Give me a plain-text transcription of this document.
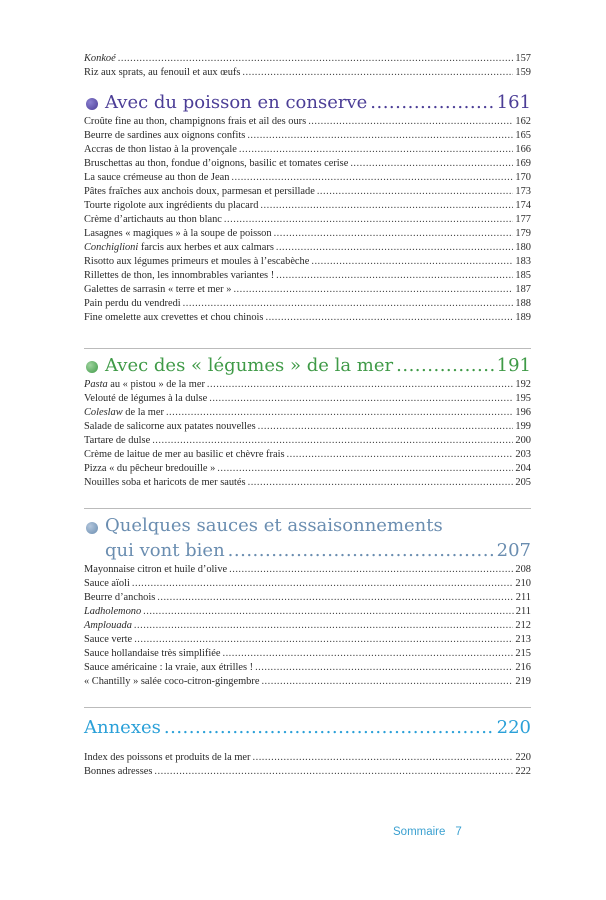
Konkoé .....	157
Riz aux sprats, au fenouil et aux œufs .....	159
Avec du poisson en conserve .....	161
Croûte fine au thon, champignons frais et ail des ours .....	162
Beurre de sardines aux oignons confits .....	165
Accras de thon listao à la provençale .....	166
Bruschettas au thon, fondue d’oignons, basilic et tomates cerise .....	169
La sauce crémeuse au thon de Jean .....	170
Pâtes fraîches aux anchois doux, parmesan et persillade .....	173
Tourte rigolote aux ingrédients du placard .....	174
Crème d’artichauts au thon blanc .....	177
Lasagnes « magiques » à la soupe de poisson .....	179
Conchiglioni farcis aux herbes et aux calmars .....	180
Risotto aux légumes primeurs et moules à l’escabèche .....	183
Rillettes de thon, les innombrables variantes ! .....	185
Galettes de sarrasin « terre et mer » .....	187
Pain perdu du vendredi .....	188
Fine omelette aux crevettes et chou chinois .....	189
Avec des « légumes » de la mer .....	191
Pasta au « pistou » de la mer .....	192
Velouté de légumes à la dulse .....	195
Coleslaw de la mer .....	196
Salade de salicorne aux patates nouvelles .....	199
Tartare de dulse .....	200
Crème de laitue de mer au basilic et chèvre frais .....	203
Pizza « du pêcheur bredouille » .....	204
Nouilles soba et haricots de mer sautés .....	205
Quelques sauces et assaisonnements
qui vont bien .....	207
Mayonnaise citron et huile d’olive .....	208
Sauce aïoli .....	210
Beurre d’anchois .....	211
Ladholemono .....	211
Amplouada .....	212
Sauce verte .....	213
Sauce hollandaise très simplifiée .....	215
Sauce américaine : la vraie, aux étrilles ! .....	216
« Chantilly » salée coco-citron-gingembre .....	219
Annexes .....	220
Index des poissons et produits de la mer .....	220
Bonnes adresses .....	222
Sommaire 7
